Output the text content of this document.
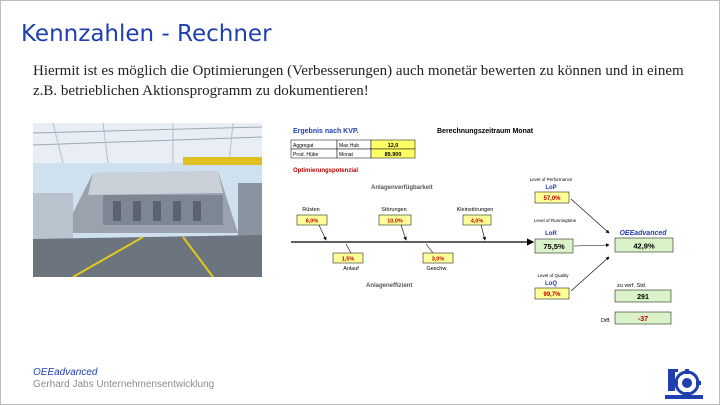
Kennzahlen - Rechner
Hiermit ist es möglich die Optimierungen (Verbesserungen) auch monetär bewerten zu können und in einem z.B. betrieblichen Aktionsprogramm zu dokumentieren!
Ergebnis nach KVP.	Berechnungszeitraum Monat
Aggregat	Max Hub	12,0
Prod. Hübe	Monat	89.900
Optimierungspotenzial
Anlagenverfügbarkeit
Rüsten
6,0%
Störungen
10,0%
Kleinstörungen
4,0%
1,5%
Anlauf
3,0%
Geschw.
Anlageneffizient
Level of Performance
LoP
57,0%
Level of Runningtime
LoR
75,5%
Level of Quality
LoQ
99,7%
OEEadvanced
42,9%
zu verf. Std.
291
Diff.	-37
OEEadvanced
Gerhard Jabs Unternehmensentwicklung
